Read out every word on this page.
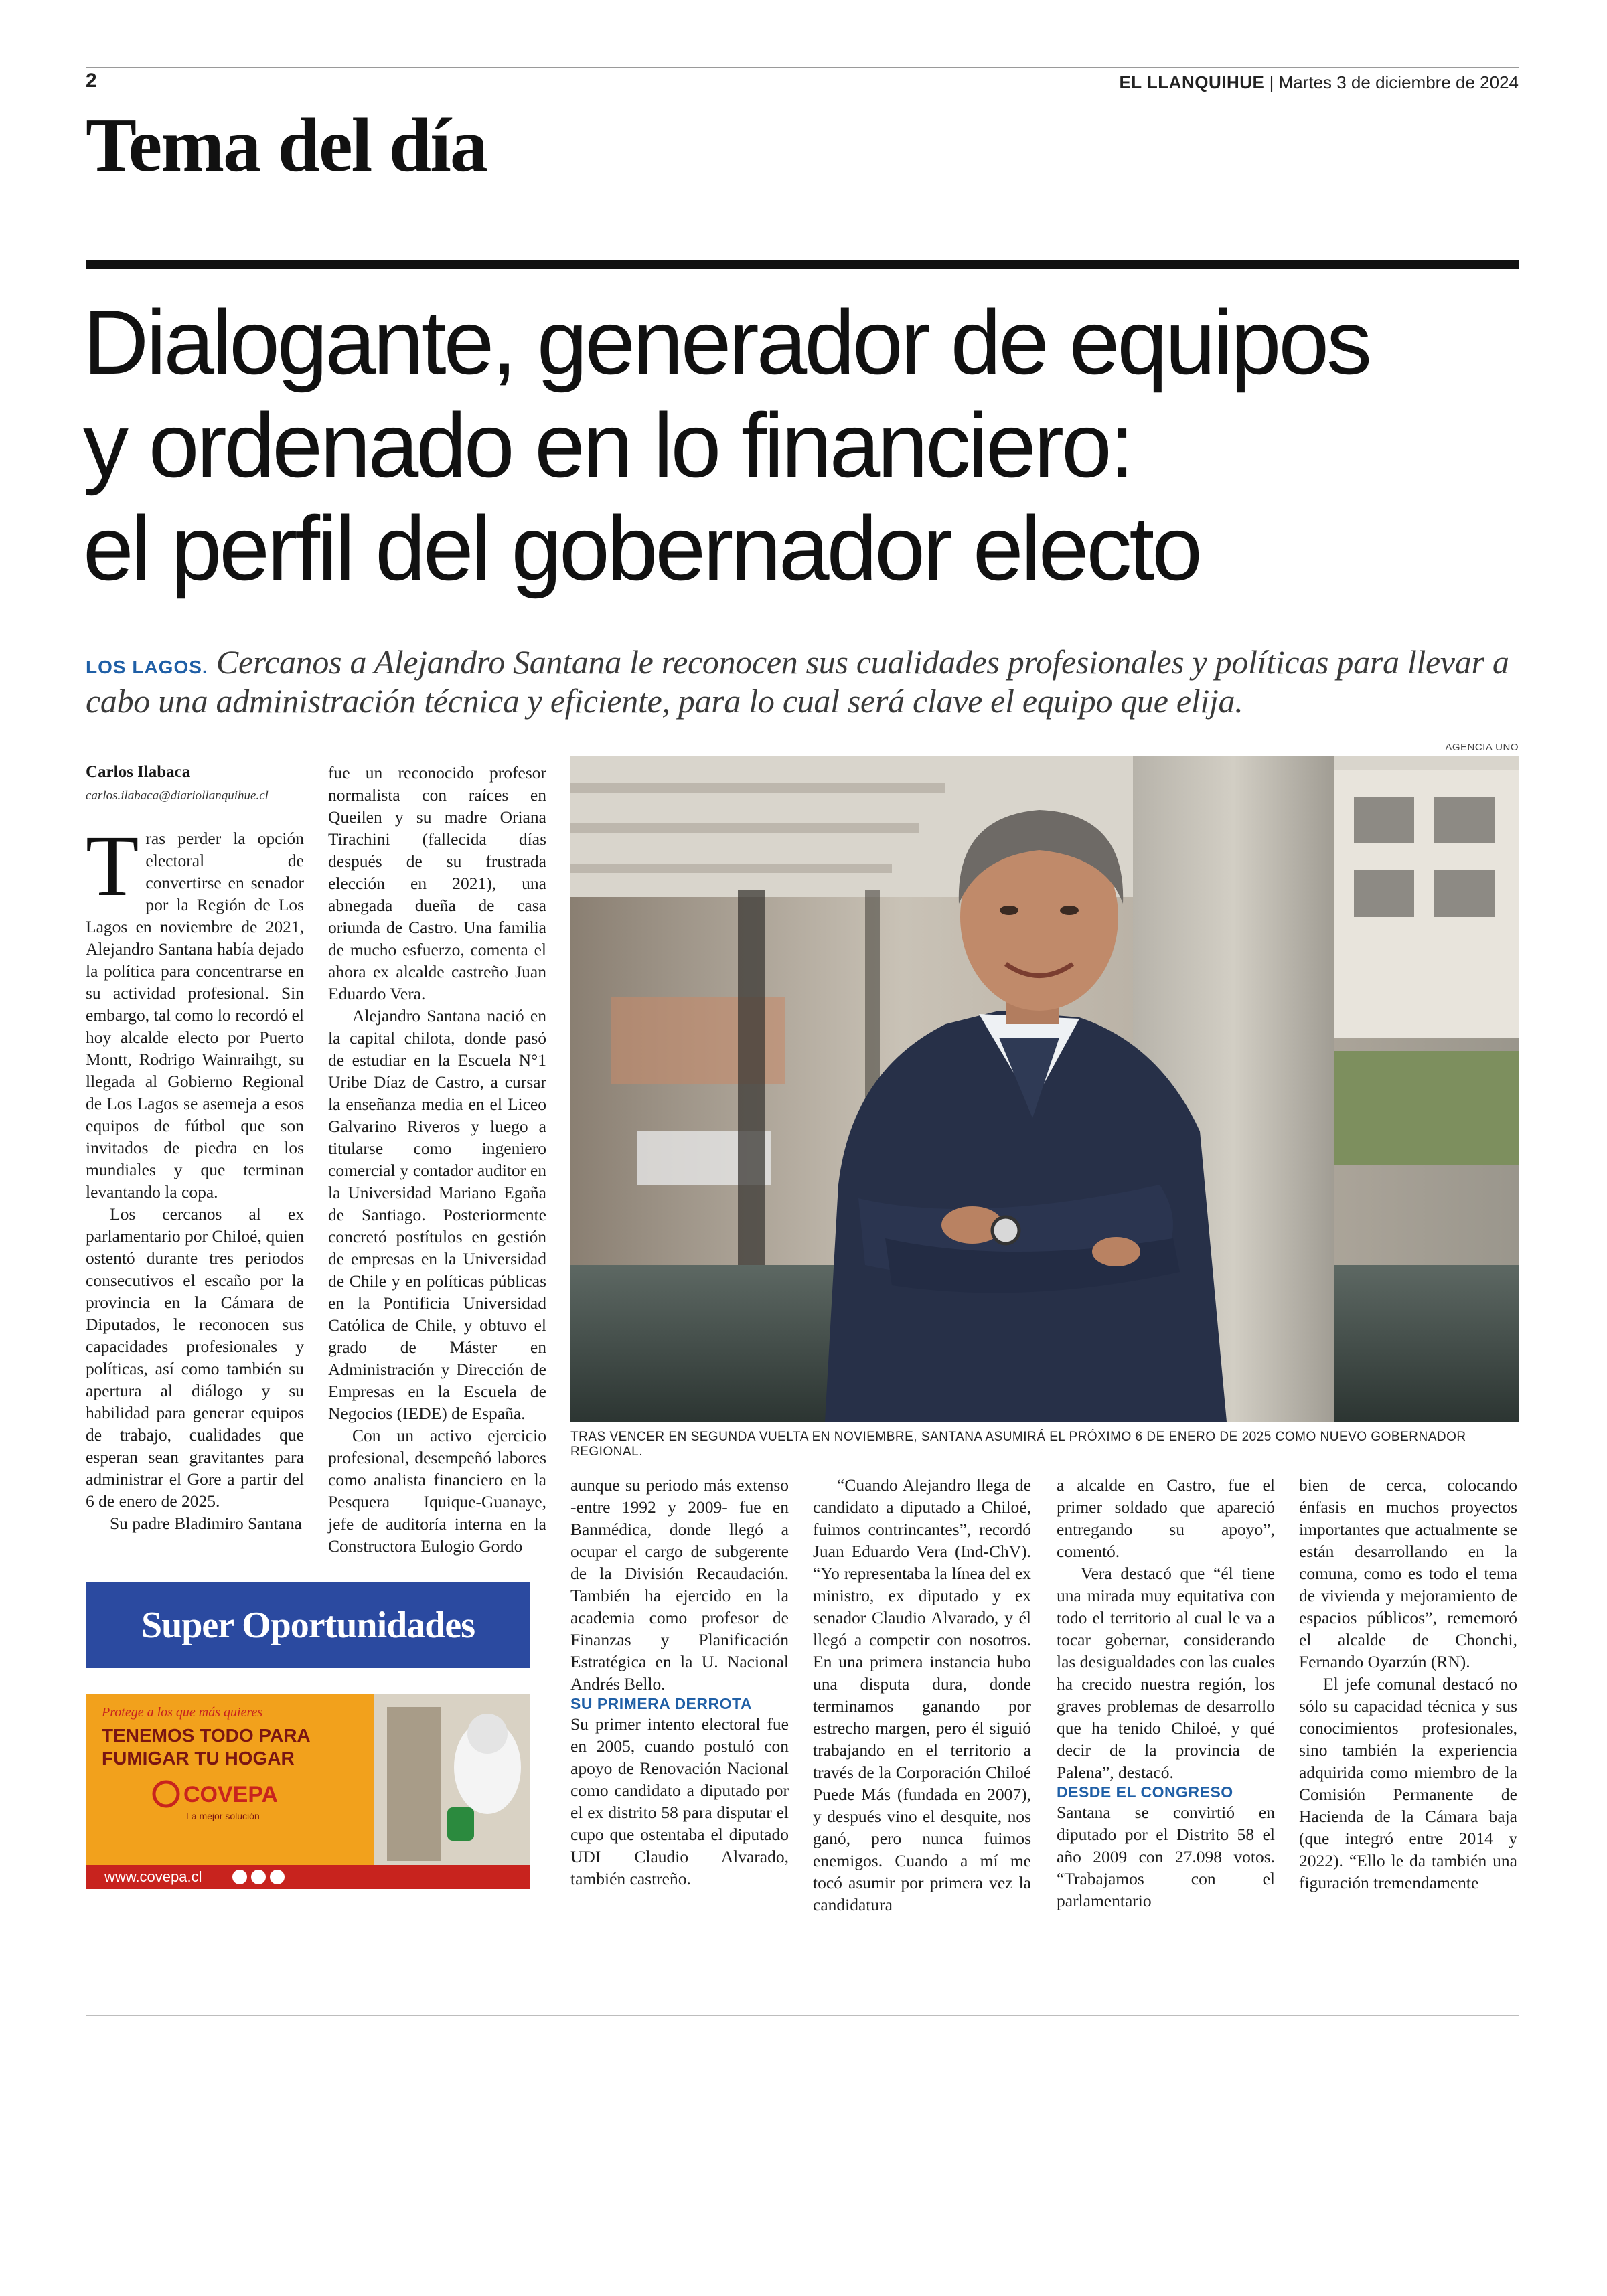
2	EL LLANQUIHUE | Martes 3 de diciembre de 2024
Tema del día
Dialogante, generador de equipos
y ordenado en lo financiero:
el perfil del gobernador electo
LOS LAGOS. Cercanos a Alejandro Santana le reconocen sus cualidades profesionales y políticas para llevar a cabo una administración técnica y eficiente, para lo cual será clave el equipo que elija.
Carlos Ilabaca
carlos.ilabaca@diariollanquihue.cl
T ras perder la opción electoral de convertirse en senador por la Región de Los Lagos en noviembre de 2021, Alejandro Santana había dejado la política para concentrarse en su actividad profesional. Sin embargo, tal como lo recordó el hoy alcalde electo por Puerto Montt, Rodrigo Wainraihgt, su llegada al Gobierno Regional de Los Lagos se asemeja a esos equipos de fútbol que son invitados de piedra en los mundiales y que terminan levantando la copa.

Los cercanos al ex parlamentario por Chiloé, quien ostentó durante tres periodos consecutivos el escaño por la provincia en la Cámara de Diputados, le reconocen sus capacidades profesionales y políticas, así como también su apertura al diálogo y su habilidad para generar equipos de trabajo, cualidades que esperan sean gravitantes para administrar el Gore a partir del 6 de enero de 2025.

Su padre Bladimiro Santana

fue un reconocido profesor normalista con raíces en Queilen y su madre Oriana Tirachini (fallecida días después de su frustrada elección en 2021), una abnegada dueña de casa oriunda de Castro. Una familia de mucho esfuerzo, comenta el ahora ex alcalde castreño Juan Eduardo Vera.

Alejandro Santana nació en la capital chilota, donde pasó de estudiar en la Escuela N°1 Uribe Díaz de Castro, a cursar la enseñanza media en el Liceo Galvarino Riveros y luego a titularse como ingeniero comercial y contador auditor en la Universidad Mariano Egaña de Santiago. Posteriormente concretó postítulos en gestión de empresas en la Universidad de Chile y en políticas públicas en la Pontificia Universidad Católica de Chile, y obtuvo el grado de Máster en Administración y Dirección de Empresas en la Escuela de Negocios (IEDE) de España.

Con un activo ejercicio profesional, desempeñó labores como analista financiero en la Pesquera Iquique-Guanaye, jefe de auditoría interna en la Constructora Eulogio Gordo

AGENCIA UNO
TRAS VENCER EN SEGUNDA VUELTA EN NOVIEMBRE, SANTANA ASUMIRÁ EL PRÓXIMO 6 DE ENERO DE 2025 COMO NUEVO GOBERNADOR REGIONAL.

aunque su periodo más extenso -entre 1992 y 2009- fue en Banmédica, donde llegó a ocupar el cargo de subgerente de la División Recaudación. También ha ejercido en la academia como profesor de Finanzas y Planificación Estratégica en la U. Nacional Andrés Bello.

SU PRIMERA DERROTA

Su primer intento electoral fue en 2005, cuando postuló con apoyo de Renovación Nacional como candidato a diputado por el ex distrito 58 para disputar el cupo que ostentaba el diputado UDI Claudio Alvarado, también castreño.

“Cuando Alejandro llega de candidato a diputado a Chiloé, fuimos contrincantes”, recordó Juan Eduardo Vera (Ind-ChV). “Yo representaba la línea del ex ministro, ex diputado y ex senador Claudio Alvarado, y él llegó a competir con nosotros. En una primera instancia hubo una disputa dura, donde terminamos ganando por estrecho margen, pero él siguió trabajando en el territorio a través de la Corporación Chiloé Puede Más (fundada en 2007), y después vino el desquite, nos ganó, pero nunca fuimos enemigos. Cuando a mí me tocó asumir por primera vez la candidatura

a alcalde en Castro, fue el primer soldado que apareció entregando su apoyo”, comentó.

Vera destacó que “él tiene una mirada muy equitativa con todo el territorio al cual le va a tocar gobernar, considerando las desigualdades con las cuales ha crecido nuestra región, los graves problemas de desarrollo que ha tenido Chiloé, y qué decir de la provincia de Palena”, destacó.

DESDE EL CONGRESO

Santana se convirtió en diputado por el Distrito 58 el año 2009 con 27.098 votos. “Trabajamos con el parlamentario

bien de cerca, colocando énfasis en muchos proyectos importantes que actualmente se están desarrollando en la comuna, como es todo el tema de vivienda y mejoramiento de espacios públicos”, rememoró el alcalde de Chonchi, Fernando Oyarzún (RN).

El jefe comunal destacó no sólo su capacidad técnica y sus conocimientos profesionales, sino también la experiencia adquirida como miembro de la Comisión Permanente de Hacienda de la Cámara baja (que integró entre 2014 y 2022). “Ello le da también una figuración tremendamente

Super Oportunidades
Protege a los que más quieres
TENEMOS TODO PARA
FUMIGAR TU HOGAR
COVEPA
La mejor solución
www.covepa.cl
